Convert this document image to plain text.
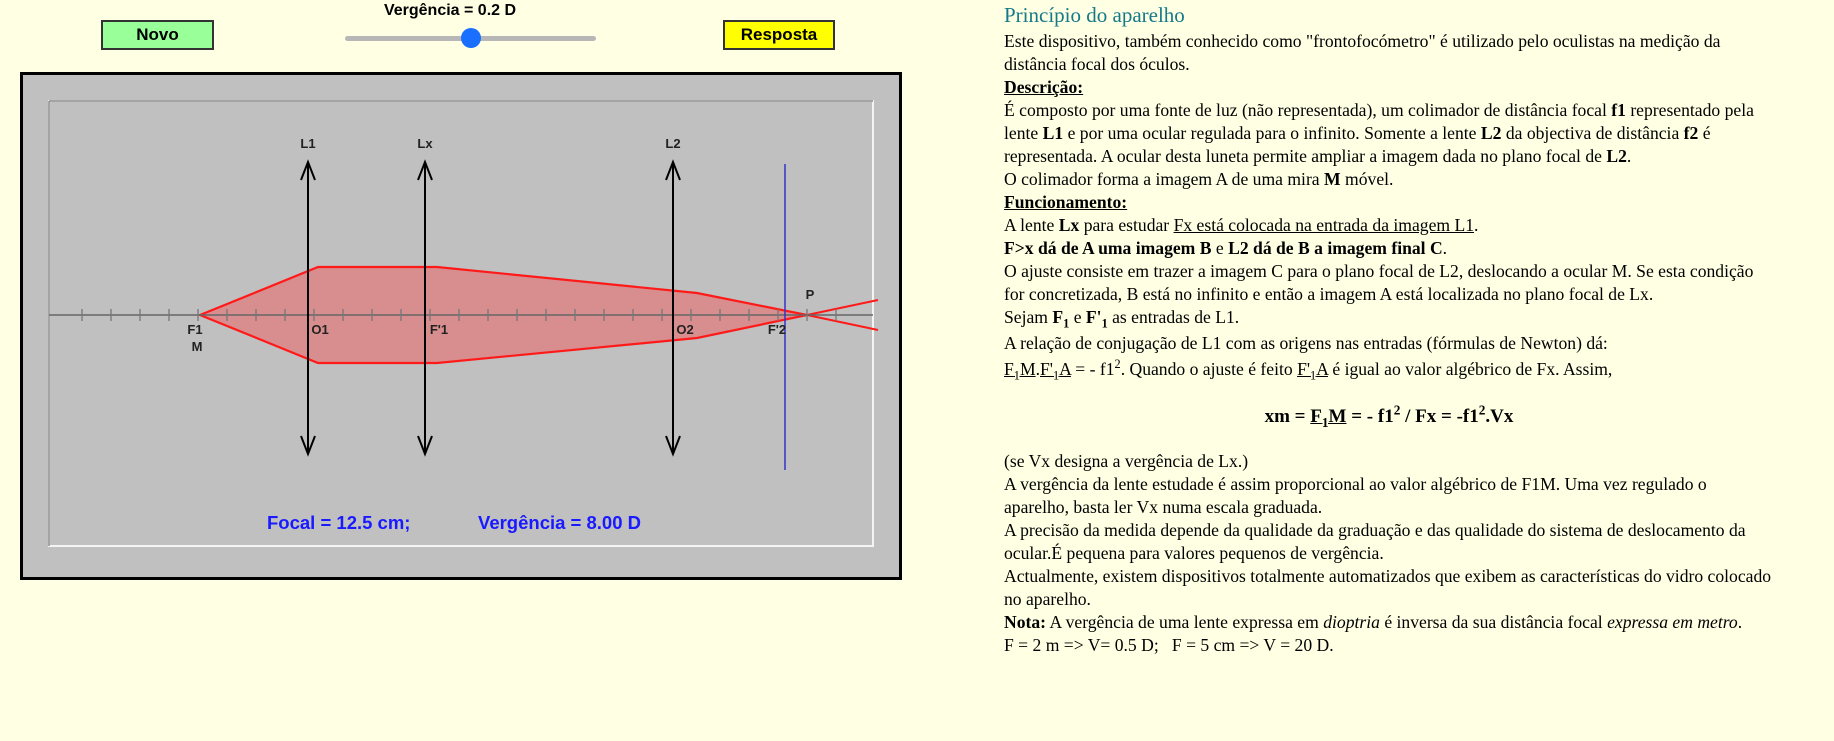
Novo
Vergência = 0.2 D
Resposta
L1	Lx	L2
F1
M
O1	F'1	O2	F'2
P
Focal = 12.5 cm;	Vergência = 8.00 D
Princípio do aparelho

Este dispositivo, também conhecido como "frontofocómetro" é utilizado pelo oculistas na medição da distância focal dos óculos.

Descrição:

É composto por uma fonte de luz (não representada), um colimador de distância focal f1 representado pela lente L1 e por uma ocular regulada para o infinito. Somente a lente L2 da objectiva de distância f2 é representada. A ocular desta luneta permite ampliar a imagem dada no plano focal de L2.

O colimador forma a imagem A de uma mira M móvel.

Funcionamento:

A lente Lx para estudar Fx está colocada na entrada da imagem L1.

F>x dá de A uma imagem B e L2 dá de B a imagem final C.

O ajuste consiste em trazer a imagem C para o plano focal de L2, deslocando a ocular M. Se esta condição for concretizada, B está no infinito e então a imagem A está localizada no plano focal de Lx.

Sejam $F_1$ e $F'_1$ as entradas de L1.

A relação de conjugação de L1 com as origens nas entradas (fórmulas de Newton) dá:

$F_1M.F'_1A$ = - $f1^2$. Quando o ajuste é feito $F'_1A$ é igual ao valor algébrico de Fx. Assim,

xm = $F_1M$ = - $f1^2 / Fx = -f1^2.Vx$

(se Vx designa a vergência de Lx.)

A vergência da lente estudade é assim proporcional ao valor algébrico de F1M. Uma vez regulado o aparelho, basta ler Vx numa escala graduada.

A precisão da medida depende da qualidade da graduação e das qualidade do sistema de deslocamento da ocular.É pequena para valores pequenos de vergência.

Actualmente, existem dispositivos totalmente automatizados que exibem as características do vidro colocado no aparelho.

Nota: A vergência de uma lente expressa em dioptria é inversa da sua distância focal expressa em metro.

F = 2 m => V= 0.5 D;   F = 5 cm => V = 20 D.
